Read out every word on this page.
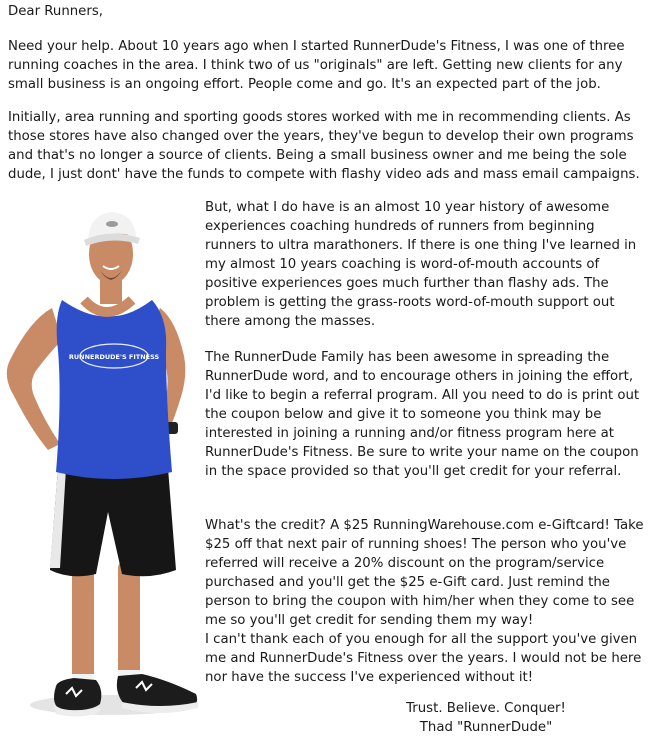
Dear Runners,

Need your help. About 10 years ago when I started RunnerDude's Fitness, I was one of three running coaches in the area. I think two of us "originals" are left. Getting new clients for any small business is an ongoing effort. People come and go. It's an expected part of the job.

Initially, area running and sporting goods stores worked with me in recommending clients. As those stores have also changed over the years, they've begun to develop their own programs and that's no longer a source of clients. Being a small business owner and me being the sole dude, I just dont' have the funds to compete with flashy video ads and mass email campaigns.

But, what I do have is an almost 10 year history of awesome experiences coaching hundreds of runners from beginning runners to ultra marathoners. If there is one thing I've learned in my almost 10 years coaching is word-of-mouth accounts of positive experiences goes much further than flashy ads. The problem is getting the grass-roots word-of-mouth support out there among the masses.

The RunnerDude Family has been awesome in spreading the RunnerDude word, and to encourage others in joining the effort, I'd like to begin a referral program. All you need to do is print out the coupon below and give it to someone you think may be interested in joining a running and/or fitness program here at RunnerDude's Fitness. Be sure to write your name on the coupon in the space provided so that you'll get credit for your referral.

What's the credit? A $25 RunningWarehouse.com e-Giftcard! Take $25 off that next pair of running shoes! The person who you've referred will receive a 20% discount on the program/service purchased and you'll get the $25 e-Gift card. Just remind the person to bring the coupon with him/her when they come to see me so you'll get credit for sending them my way!

I can't thank each of you enough for all the support you've given me and RunnerDude's Fitness over the years. I would not be here nor have the success I've experienced without it!

Trust. Believe. Conquer!
Thad "RunnerDude"
RUNNERDUDE'S FITNESS
